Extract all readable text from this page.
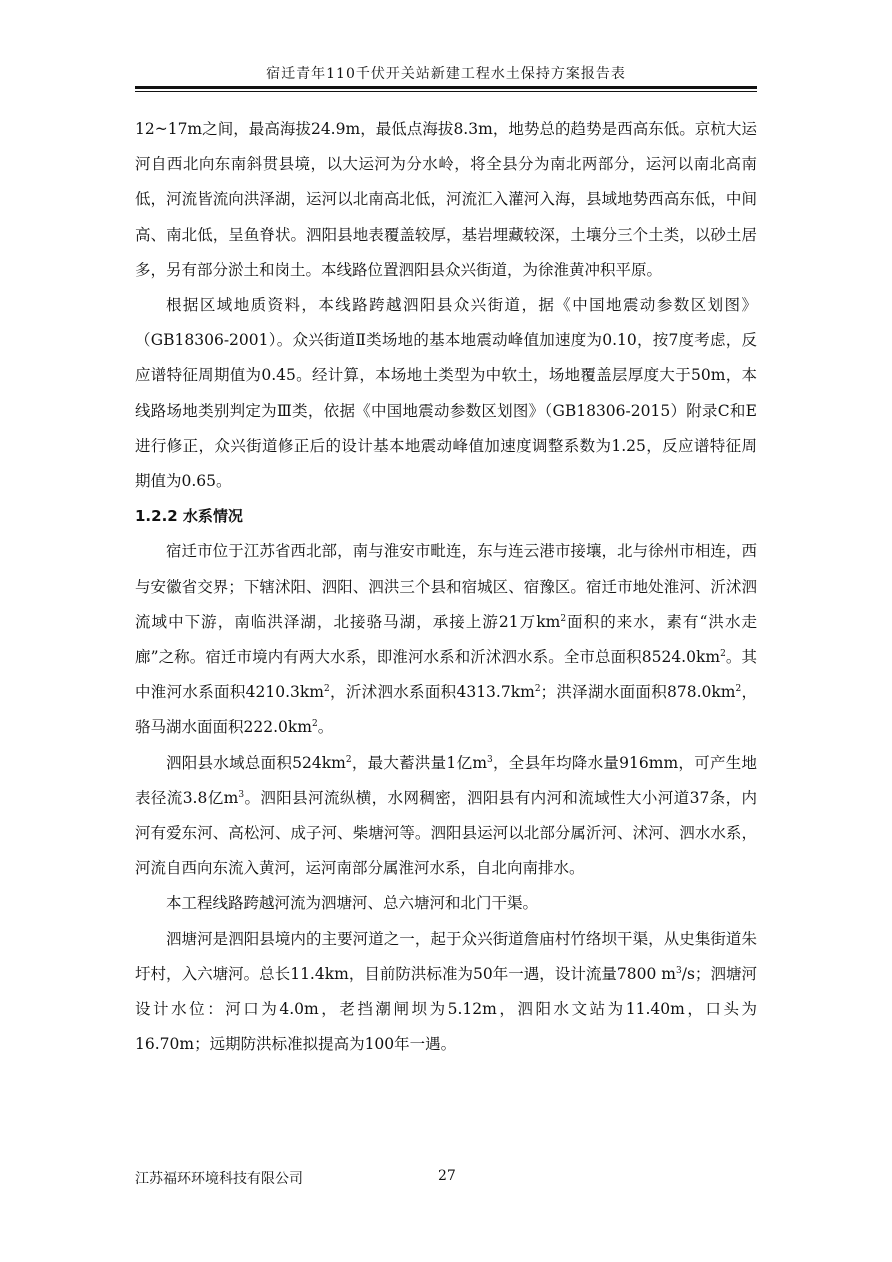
宿迁青年110千伏开关站新建工程水土保持方案报告表

12~17m之间，最高海拔24.9m，最低点海拔8.3m，地势总的趋势是西高东低。京杭大运河自西北向东南斜贯县境，以大运河为分水岭，将全县分为南北两部分，运河以南北高南低，河流皆流向洪泽湖，运河以北南高北低，河流汇入灌河入海，县域地势西高东低，中间高、南北低，呈鱼脊状。泗阳县地表覆盖较厚，基岩埋藏较深，土壤分三个土类，以砂土居多，另有部分淤土和岗土。本线路位置泗阳县众兴街道，为徐淮黄冲积平原。

根据区域地质资料，本线路跨越泗阳县众兴街道，据《中国地震动参数区划图》（GB18306-2001）。众兴街道Ⅱ类场地的基本地震动峰值加速度为0.10，按7度考虑，反应谱特征周期值为0.45。经计算，本场地土类型为中软土，场地覆盖层厚度大于50m，本线路场地类别判定为Ⅲ类，依据《中国地震动参数区划图》（GB18306-2015）附录C和E进行修正，众兴街道修正后的设计基本地震动峰值加速度调整系数为1.25，反应谱特征周期值为0.65。

1.2.2 水系情况

宿迁市位于江苏省西北部，南与淮安市毗连，东与连云港市接壤，北与徐州市相连，西与安徽省交界；下辖沭阳、泗阳、泗洪三个县和宿城区、宿豫区。宿迁市地处淮河、沂沭泗流域中下游，南临洪泽湖，北接骆马湖，承接上游21万$km^2$面积的来水，素有“洪水走廊”之称。宿迁市境内有两大水系，即淮河水系和沂沭泗水系。全市总面积$8524.0km^2$。其中淮河水系面积$4210.3km^2$，沂沭泗水系面积$4313.7km^2$；洪泽湖水面面积$878.0km^2$，骆马湖水面面积$222.0km^2$。

泗阳县水域总面积$524km^2$，最大蓄洪量1亿$m^3$，全县年均降水量916mm，可产生地表径流3.8亿$m^3$。泗阳县河流纵横，水网稠密，泗阳县有内河和流域性大小河道37条，内河有爱东河、高松河、成子河、柴塘河等。泗阳县运河以北部分属沂河、沭河、泗水水系，河流自西向东流入黄河，运河南部分属淮河水系，自北向南排水。

本工程线路跨越河流为泗塘河、总六塘河和北门干渠。

泗塘河是泗阳县境内的主要河道之一，起于众兴街道詹庙村竹络坝干渠，从史集街道朱圩村，入六塘河。总长11.4km，目前防洪标准为50年一遇，设计流量7800 $m^3/s$；泗塘河设计水位：河口为4.0m，老挡潮闸坝为5.12m，泗阳水文站为11.40m，口头为16.70m；远期防洪标准拟提高为100年一遇。

江苏福环环境科技有限公司	27
